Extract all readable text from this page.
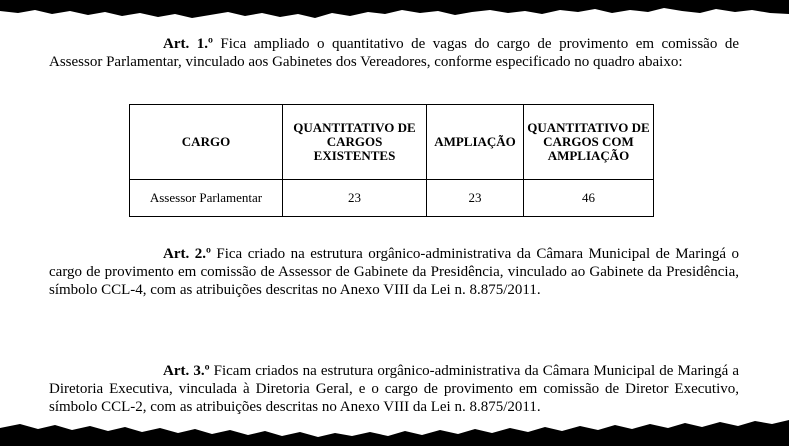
Art. 1.º Fica ampliado o quantitativo de vagas do cargo de provimento em comissão de Assessor Parlamentar, vinculado aos Gabinetes dos Vereadores, conforme especificado no quadro abaixo:
CARGO	QUANTITATIVO DE CARGOS EXISTENTES	AMPLIAÇÃO	QUANTITATIVO DE CARGOS COM AMPLIAÇÃO
Assessor Parlamentar	23	23	46
Art. 2.º Fica criado na estrutura orgânico-administrativa da Câmara Municipal de Maringá o cargo de provimento em comissão de Assessor de Gabinete da Presidência, vinculado ao Gabinete da Presidência, símbolo CCL-4, com as atribuições descritas no Anexo VIII da Lei n. 8.875/2011.
Art. 3.º Ficam criados na estrutura orgânico-administrativa da Câmara Municipal de Maringá a Diretoria Executiva, vinculada à Diretoria Geral, e o cargo de provimento em comissão de Diretor Executivo, símbolo CCL-2, com as atribuições descritas no Anexo VIII da Lei n. 8.875/2011.
